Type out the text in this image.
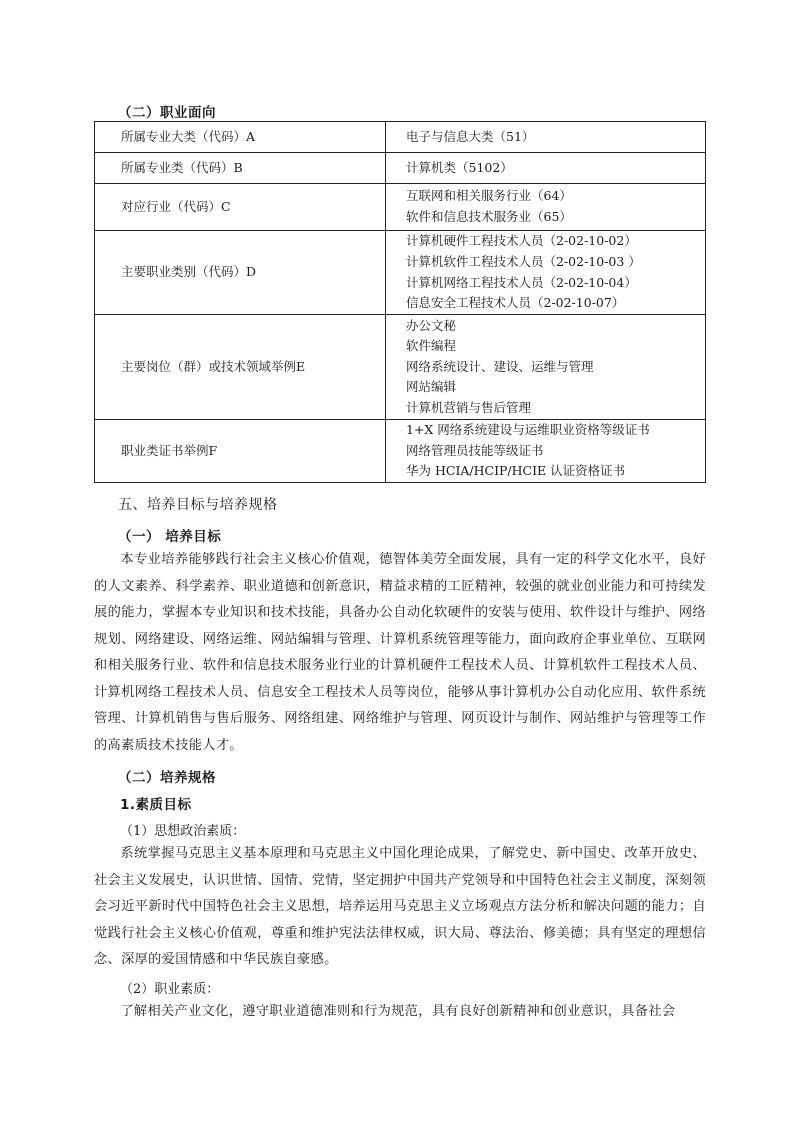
（二）职业面向
所属专业大类（代码）A	电子与信息大类（51）

所属专业类（代码）B	计算机类（5102）

对应行业（代码）C	互联网和相关服务行业（64）
软件和信息技术服务业（65）

主要职业类别（代码）D	计算机硬件工程技术人员（2-02-10-02）
计算机软件工程技术人员（2-02-10-03 ）
计算机网络工程技术人员（2-02-10-04）
信息安全工程技术人员（2-02-10-07）

主要岗位（群）或技术领域举例E	办公文秘
软件编程
网络系统设计、建设、运维与管理
网站编辑
计算机营销与售后管理

职业类证书举例F	1+X 网络系统建设与运维职业资格等级证书
网络管理员技能等级证书
华为 HCIA/HCIP/HCIE 认证资格证书
五、培养目标与培养规格
（一） 培养目标

本专业培养能够践行社会主义核心价值观，德智体美劳全面发展，具有一定的科学文化水平，良好的人文素养、科学素养、职业道德和创新意识，精益求精的工匠精神，较强的就业创业能力和可持续发展的能力，掌握本专业知识和技术技能，具备办公自动化软硬件的安装与使用、软件设计与维护、网络规划、网络建设、网络运维、网站编辑与管理、计算机系统管理等能力，面向政府企事业单位、互联网和相关服务行业、软件和信息技术服务业行业的计算机硬件工程技术人员、计算机软件工程技术人员、计算机网络工程技术人员、信息安全工程技术人员等岗位，能够从事计算机办公自动化应用、软件系统管理、计算机销售与售后服务、网络组建、网络维护与管理、网页设计与制作、网站维护与管理等工作的高素质技术技能人才。

（二）培养规格
1.素质目标
（1）思想政治素质：

系统掌握马克思主义基本原理和马克思主义中国化理论成果，了解党史、新中国史、改革开放史、社会主义发展史，认识世情、国情、党情，坚定拥护中国共产党领导和中国特色社会主义制度，深刻领会习近平新时代中国特色社会主义思想，培养运用马克思主义立场观点方法分析和解决问题的能力；自觉践行社会主义核心价值观，尊重和维护宪法法律权威，识大局、尊法治、修美德；具有坚定的理想信念、深厚的爱国情感和中华民族自豪感。

（2）职业素质：

了解相关产业文化，遵守职业道德准则和行为规范，具有良好创新精神和创业意识，具备社会
